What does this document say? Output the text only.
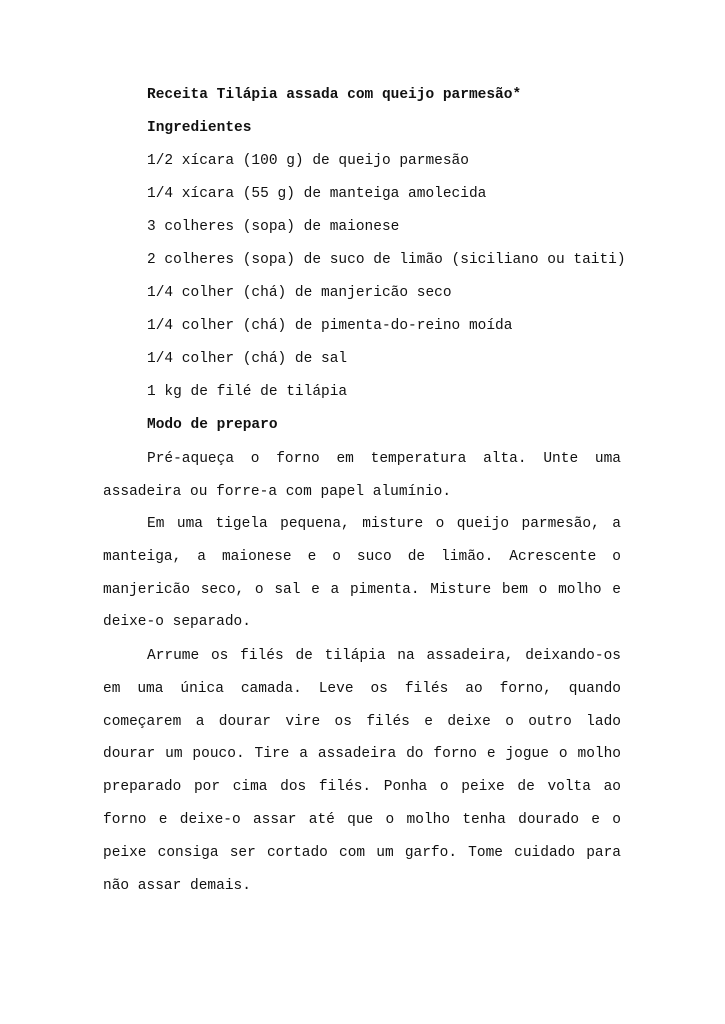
Receita Tilápia assada com queijo parmesão*
Ingredientes
1/2 xícara (100 g) de queijo parmesão
1/4 xícara (55 g) de manteiga amolecida
3 colheres (sopa) de maionese
2 colheres (sopa) de suco de limão (siciliano ou taiti)
1/4 colher (chá) de manjericão seco
1/4 colher (chá) de pimenta-do-reino moída
1/4 colher (chá) de sal
1 kg de filé de tilápia
Modo de preparo

Pré-aqueça o forno em temperatura alta. Unte uma assadeira ou forre-a com papel alumínio.

Em uma tigela pequena, misture o queijo parmesão, a manteiga, a maionese e o suco de limão. Acrescente o manjericão seco, o sal e a pimenta. Misture bem o molho e deixe-o separado.

Arrume os filés de tilápia na assadeira, deixando-os em uma única camada. Leve os filés ao forno, quando começarem a dourar vire os filés e deixe o outro lado dourar um pouco. Tire a assadeira do forno e jogue o molho preparado por cima dos filés. Ponha o peixe de volta ao forno e deixe-o assar até que o molho tenha dourado e o peixe consiga ser cortado com um garfo. Tome cuidado para não assar demais.
